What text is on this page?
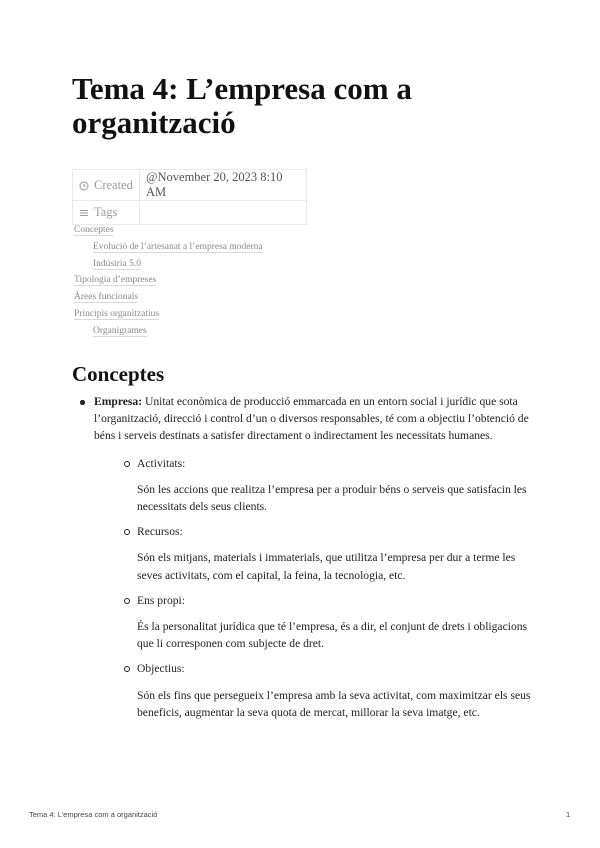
Tema 4: L’empresa com a organització
Created	@November 20, 2023 8:10 AM
Tags	
Conceptes
Evolució de l’artesanat a l’empresa moderna
Indústria 5.0
Tipologia d’empreses
Àrees funcionals
Principis organitzatius
Organigrames
Conceptes

Empresa: Unitat econòmica de producció emmarcada en un entorn social i jurídic que sota l’organització, direcció i control d’un o diversos responsables, té com a objectiu l’obtenció de béns i serveis destinats a satisfer directament o indirectament les necessitats humanes.

Activitats:

Són les accions que realitza l’empresa per a produir béns o serveis que satisfacin les necessitats dels seus clients.

Recursos:

Són els mitjans, materials i immaterials, que utilitza l’empresa per dur a terme les seves activitats, com el capital, la feina, la tecnologia, etc.

Ens propi:

És la personalitat jurídica que té l’empresa, és a dir, el conjunt de drets i obligacions que li corresponen com subjecte de dret.

Objectius:

Són els fins que persegueix l’empresa amb la seva activitat, com maximitzar els seus beneficis, augmentar la seva quota de mercat, millorar la seva imatge, etc.

Tema 4: L’empresa com a organització	1
